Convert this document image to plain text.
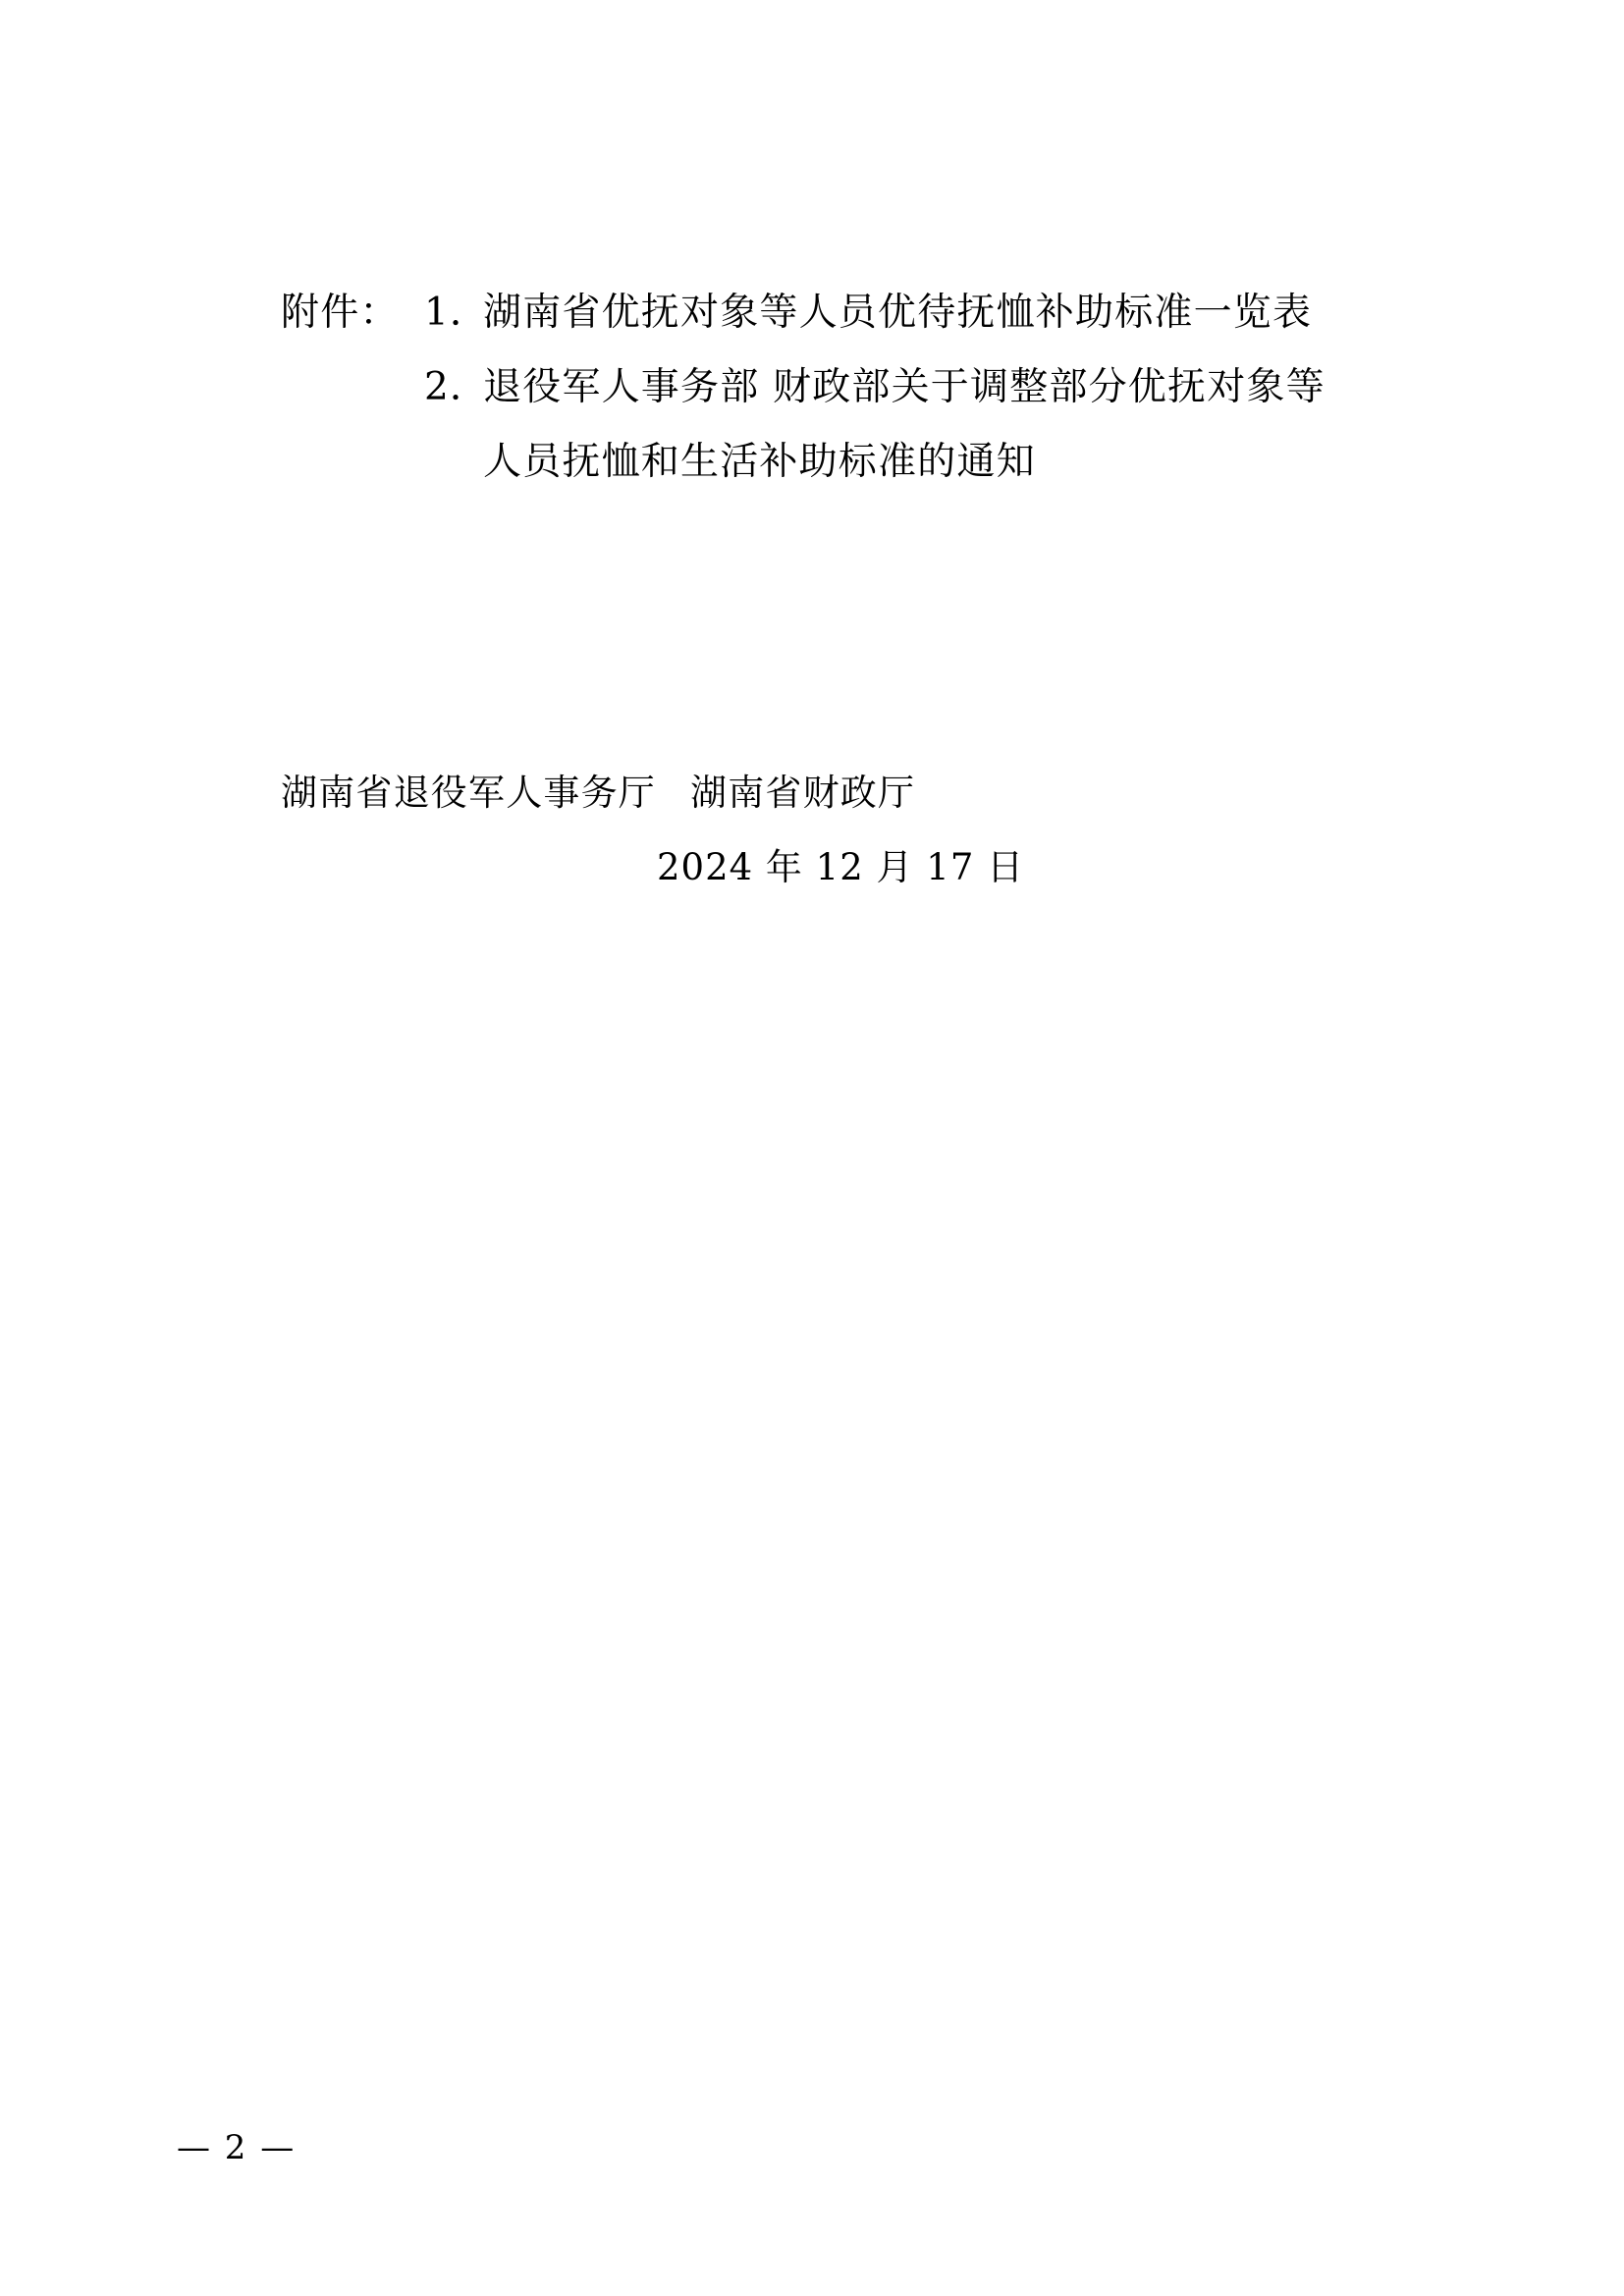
附件： 1．
湖南省优抚对象等人员优待抚恤补助标准一览表
2．
退役军人事务部 财政部关于调整部分优抚对象等
人员抚恤和生活补助标准的通知
湖南省退役军人事务厅 湖南省财政厅
2024 年 12 月 17 日
— 2 —
